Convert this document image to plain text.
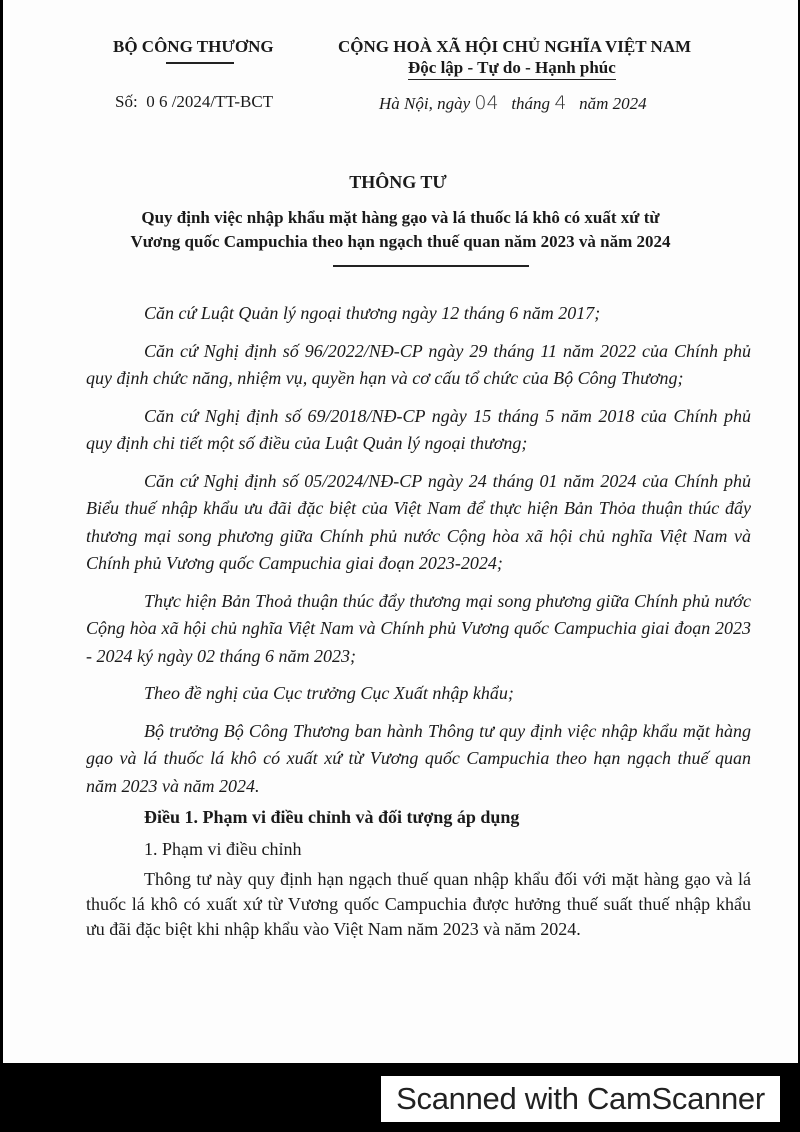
BỘ CÔNG THƯƠNG	CỘNG HOÀ XÃ HỘI CHỦ NGHĨA VIỆT NAM
Độc lập - Tự do - Hạnh phúc
Số: 0 6 /2024/TT-BCT	Hà Nội, ngày 04 tháng 4 năm 2024
THÔNG TƯ
Quy định việc nhập khẩu mặt hàng gạo và lá thuốc lá khô có xuất xứ từ
Vương quốc Campuchia theo hạn ngạch thuế quan năm 2023 và năm 2024

Căn cứ Luật Quản lý ngoại thương ngày 12 tháng 6 năm 2017;

Căn cứ Nghị định số 96/2022/NĐ-CP ngày 29 tháng 11 năm 2022 của Chính phủ quy định chức năng, nhiệm vụ, quyền hạn và cơ cấu tổ chức của Bộ Công Thương;

Căn cứ Nghị định số 69/2018/NĐ-CP ngày 15 tháng 5 năm 2018 của Chính phủ quy định chi tiết một số điều của Luật Quản lý ngoại thương;

Căn cứ Nghị định số 05/2024/NĐ-CP ngày 24 tháng 01 năm 2024 của Chính phủ Biểu thuế nhập khẩu ưu đãi đặc biệt của Việt Nam để thực hiện Bản Thỏa thuận thúc đẩy thương mại song phương giữa Chính phủ nước Cộng hòa xã hội chủ nghĩa Việt Nam và Chính phủ Vương quốc Campuchia giai đoạn 2023-2024;

Thực hiện Bản Thoả thuận thúc đẩy thương mại song phương giữa Chính phủ nước Cộng hòa xã hội chủ nghĩa Việt Nam và Chính phủ Vương quốc Campuchia giai đoạn 2023 - 2024 ký ngày 02 tháng 6 năm 2023;

Theo đề nghị của Cục trưởng Cục Xuất nhập khẩu;

Bộ trưởng Bộ Công Thương ban hành Thông tư quy định việc nhập khẩu mặt hàng gạo và lá thuốc lá khô có xuất xứ từ Vương quốc Campuchia theo hạn ngạch thuế quan năm 2023 và năm 2024.

Điều 1. Phạm vi điều chỉnh và đối tượng áp dụng

1. Phạm vi điều chỉnh

Thông tư này quy định hạn ngạch thuế quan nhập khẩu đối với mặt hàng gạo và lá thuốc lá khô có xuất xứ từ Vương quốc Campuchia được hưởng thuế suất thuế nhập khẩu ưu đãi đặc biệt khi nhập khẩu vào Việt Nam năm 2023 và năm 2024.

Scanned with CamScanner
